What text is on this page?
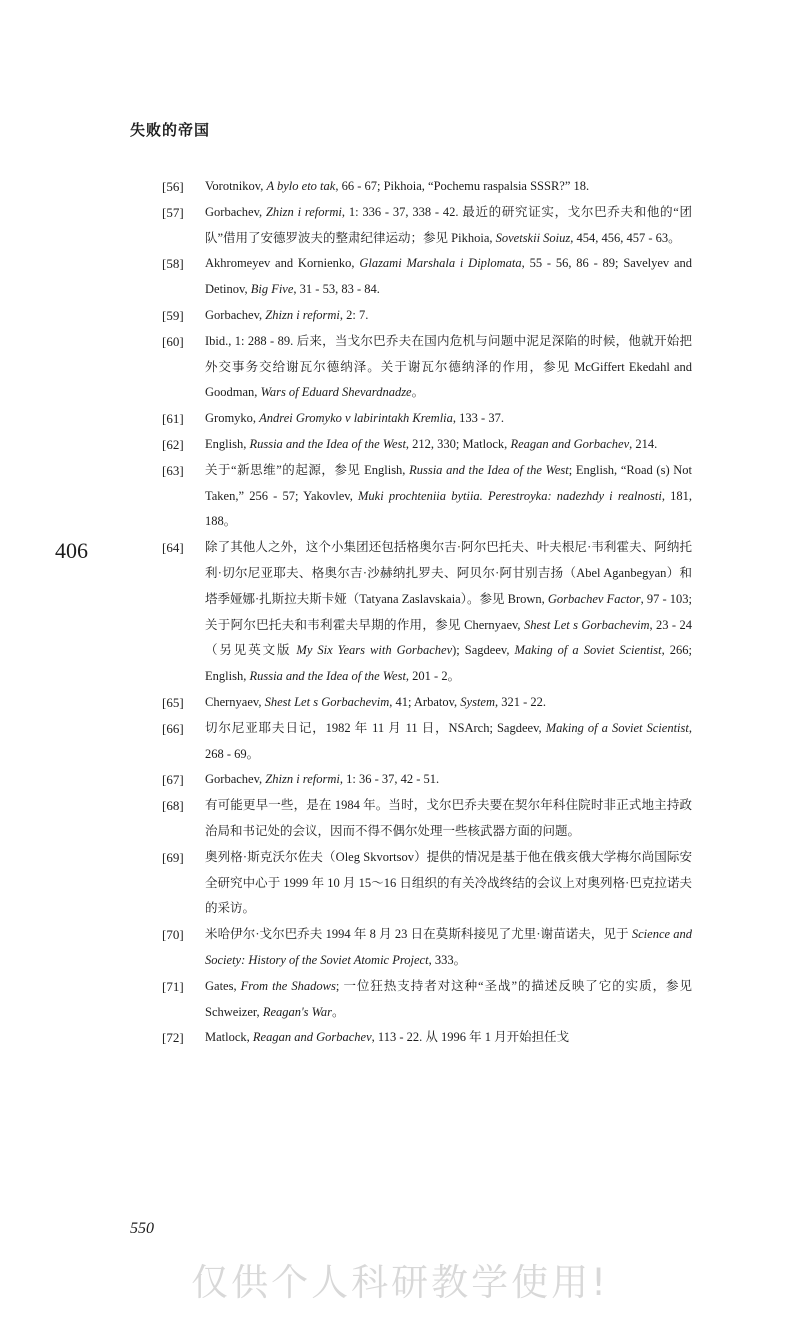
失败的帝国
406
[56] Vorotnikov, A bylo eto tak, 66 - 67; Pikhoia, “Pochemu raspalsia SSSR?” 18.
[57] Gorbachev, Zhizn i reformi, 1: 336 - 37, 338 - 42. 最近的研究证实，戈尔巴乔夫和他的“团队”借用了安德罗波夫的整肃纪律运动；参见 Pikhoia, Sovetskii Soiuz, 454, 456, 457 - 63。
[58] Akhromeyev and Kornienko, Glazami Marshala i Diplomata, 55 - 56, 86 - 89; Savelyev and Detinov, Big Five, 31 - 53, 83 - 84.
[59] Gorbachev, Zhizn i reformi, 2: 7.
[60] Ibid., 1: 288 - 89. 后来，当戈尔巴乔夫在国内危机与问题中泥足深陷的时候，他就开始把外交事务交给谢瓦尔德纳泽。关于谢瓦尔德纳泽的作用，参见 McGiffert Ekedahl and Goodman, Wars of Eduard Shevardnadze。
[61] Gromyko, Andrei Gromyko v labirintakh Kremlia, 133 - 37.
[62] English, Russia and the Idea of the West, 212, 330; Matlock, Reagan and Gorbachev, 214.
[63] 关于“新思维”的起源，参见 English, Russia and the Idea of the West; English, “Road (s) Not Taken,” 256 - 57; Yakovlev, Muki prochteniia bytiia. Perestroyka: nadezhdy i realnosti, 181, 188。
[64] 除了其他人之外，这个小集团还包括格奥尔吉·阿尔巴托夫、叶夫根尼·韦利霍夫、阿纳托利·切尔尼亚耶夫、格奥尔吉·沙赫纳扎罗夫、阿贝尔·阿甘别吉扬（Abel Aganbegyan）和塔季娅娜·扎斯拉夫斯卡娅（Tatyana Zaslavskaia）。参见 Brown, Gorbachev Factor, 97 - 103; 关于阿尔巴托夫和韦利霍夫早期的作用，参见 Chernyaev, Shest Let s Gorbachevim, 23 - 24（另见英文版 My Six Years with Gorbachev); Sagdeev, Making of a Soviet Scientist, 266; English, Russia and the Idea of the West, 201 - 2。
[65] Chernyaev, Shest Let s Gorbachevim, 41; Arbatov, System, 321 - 22.
[66] 切尔尼亚耶夫日记，1982 年 11 月 11 日，NSArch; Sagdeev, Making of a Soviet Scientist, 268 - 69。
[67] Gorbachev, Zhizn i reformi, 1: 36 - 37, 42 - 51.
[68] 有可能更早一些，是在 1984 年。当时，戈尔巴乔夫要在契尔年科住院时非正式地主持政治局和书记处的会议，因而不得不偶尔处理一些核武器方面的问题。
[69] 奥列格·斯克沃尔佐夫（Oleg Skvortsov）提供的情况是基于他在俄亥俄大学梅尔尚国际安全研究中心于 1999 年 10 月 15～16 日组织的有关冷战终结的会议上对奥列格·巴克拉诺夫的采访。
[70] 米哈伊尔·戈尔巴乔夫 1994 年 8 月 23 日在莫斯科接见了尤里·谢苗诺夫，见于 Science and Society: History of the Soviet Atomic Project, 333。
[71] Gates, From the Shadows; 一位狂热支持者对这种“圣战”的描述反映了它的实质，参见 Schweizer, Reagan's War。
[72] Matlock, Reagan and Gorbachev, 113 - 22. 从 1996 年 1 月开始担任戈
550
仅供个人科研教学使用!
